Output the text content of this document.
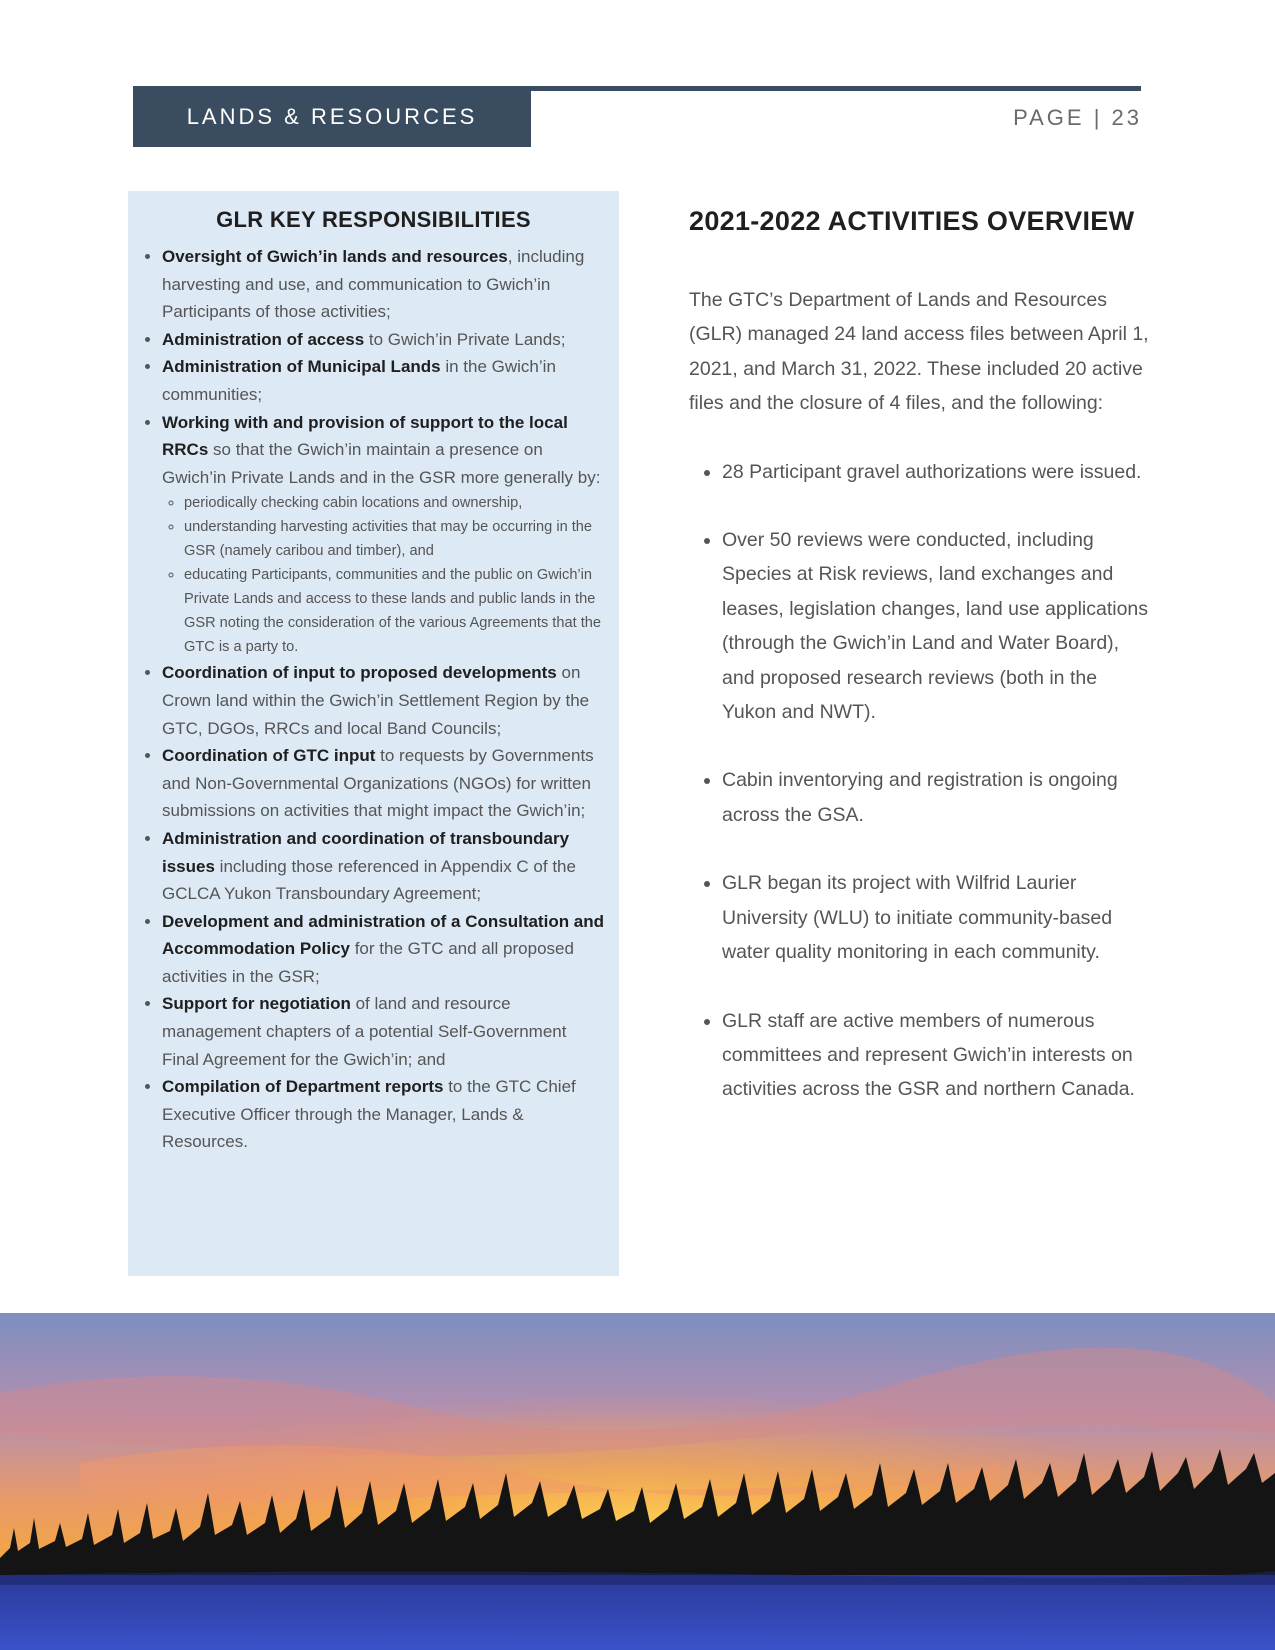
LANDS & RESOURCES	PAGE | 23
GLR KEY RESPONSIBILITIES
• Oversight of Gwich’in lands and resources, including harvesting and use, and communication to Gwich’in Participants of those activities;
• Administration of access to Gwich’in Private Lands;
• Administration of Municipal Lands in the Gwich’in communities;
• Working with and provision of support to the local RRCs so that the Gwich’in maintain a presence on Gwich’in Private Lands and in the GSR more generally by:
◦ periodically checking cabin locations and ownership,
◦ understanding harvesting activities that may be occurring in the GSR (namely caribou and timber), and
◦ educating Participants, communities and the public on Gwich’in Private Lands and access to these lands and public lands in the GSR noting the consideration of the various Agreements that the GTC is a party to.
• Coordination of input to proposed developments on Crown land within the Gwich’in Settlement Region by the GTC, DGOs, RRCs and local Band Councils;
• Coordination of GTC input to requests by Governments and Non-Governmental Organizations (NGOs) for written submissions on activities that might impact the Gwich’in;
• Administration and coordination of transboundary issues including those referenced in Appendix C of the GCLCA Yukon Transboundary Agreement;
• Development and administration of a Consultation and Accommodation Policy for the GTC and all proposed activities in the GSR;
• Support for negotiation of land and resource management chapters of a potential Self-Government Final Agreement for the Gwich’in; and
• Compilation of Department reports to the GTC Chief Executive Officer through the Manager, Lands & Resources.
2021-2022 ACTIVITIES OVERVIEW

The GTC’s Department of Lands and Resources (GLR) managed 24 land access files between April 1, 2021, and March 31, 2022. These included 20 active files and the closure of 4 files, and the following:

• 28 Participant gravel authorizations were issued.
• Over 50 reviews were conducted, including Species at Risk reviews, land exchanges and leases, legislation changes, land use applications (through the Gwich’in Land and Water Board), and proposed research reviews (both in the Yukon and NWT).
• Cabin inventorying and registration is ongoing across the GSA.
• GLR began its project with Wilfrid Laurier University (WLU) to initiate community-based water quality monitoring in each community.
• GLR staff are active members of numerous committees and represent Gwich’in interests on activities across the GSR and northern Canada.
